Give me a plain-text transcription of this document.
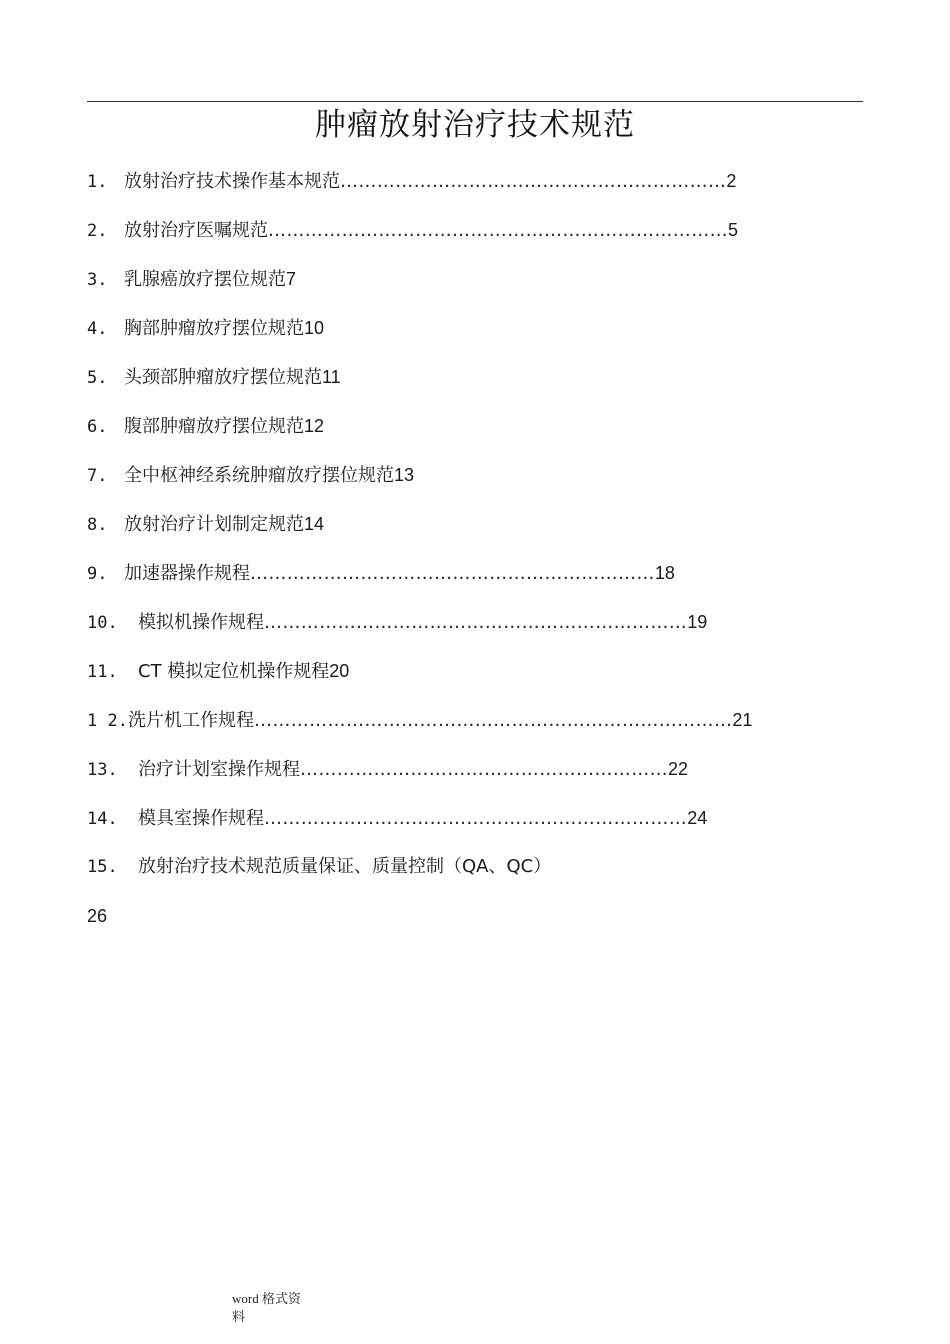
肿瘤放射治疗技术规范
1. 放射治疗技术操作基本规范………………………………………………………2
2. 放射治疗医嘱规范…………………………………………………………………5
3. 乳腺癌放疗摆位规范7
4. 胸部肿瘤放疗摆位规范10
5. 头颈部肿瘤放疗摆位规范11
6. 腹部肿瘤放疗摆位规范12
7. 全中枢神经系统肿瘤放疗摆位规范13
8. 放射治疗计划制定规范14
9. 加速器操作规程…………………………………………………………18
10. 模拟机操作规程……………………………………………………………19
11. CT 模拟定位机操作规程20
1 2.洗片机工作规程……………………………………………………………………21
13. 治疗计划室操作规程……………………………………………………22
14. 模具室操作规程……………………………………………………………24
15. 放射治疗技术规范质量保证、质量控制（QA、QC）
26
word 格式资
料
